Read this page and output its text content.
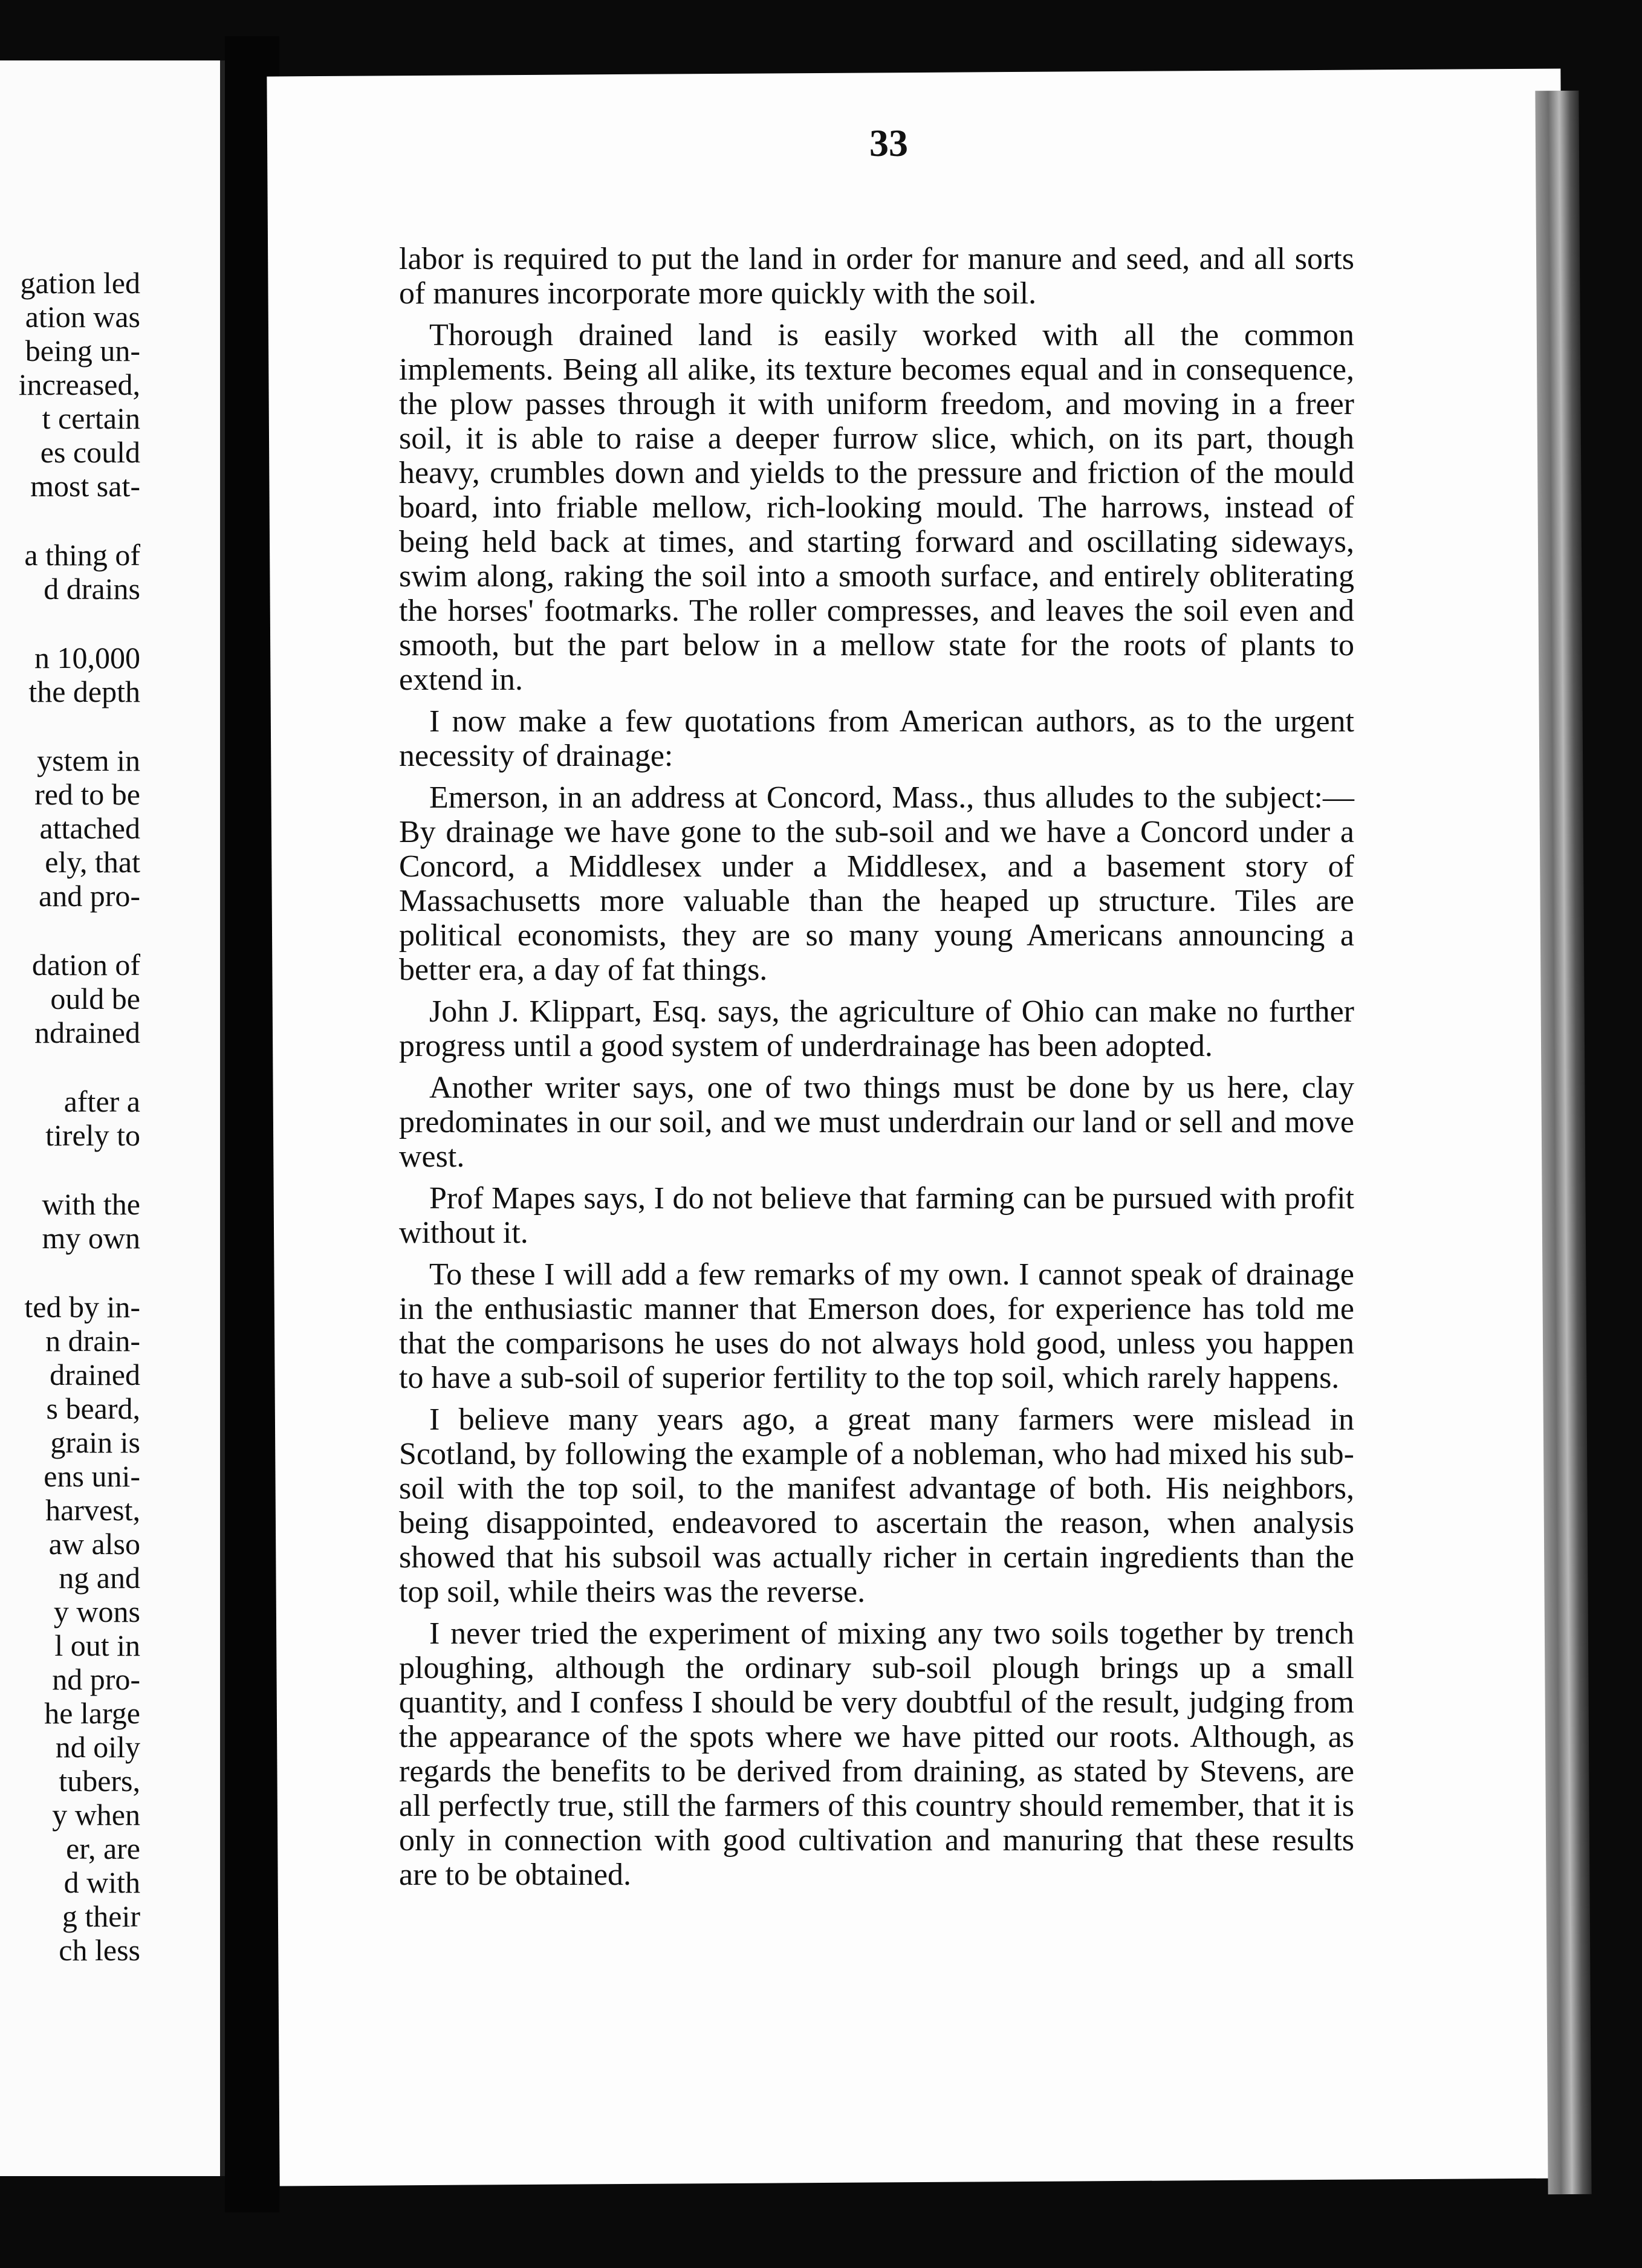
gation led
ation was
being un-
increased,
t certain
es could
most sat-
a thing of
d drains
n 10,000
the depth
ystem in
red to be
attached
ely, that
and pro-
dation of
ould be
ndrained
after a
tirely to
with the
my own
ted by in-
n drain-
drained
s beard,
grain is
ens uni-
harvest,
aw also
ng and
y wons
l out in
nd pro-
he large
nd oily
tubers,
y when
er, are
d with
g their
ch less
33

labor is required to put the land in order for manure and seed, and all sorts of manures incorporate more quickly with the soil.

Thorough drained land is easily worked with all the common implements. Being all alike, its texture becomes equal and in consequence, the plow passes through it with uniform freedom, and moving in a freer soil, it is able to raise a deeper furrow slice, which, on its part, though heavy, crumbles down and yields to the pressure and friction of the mould board, into friable mellow, rich-looking mould. The harrows, instead of being held back at times, and starting forward and oscillating sideways, swim along, raking the soil into a smooth surface, and entirely obliterating the horses' footmarks. The roller compresses, and leaves the soil even and smooth, but the part below in a mellow state for the roots of plants to extend in.

I now make a few quotations from American authors, as to the urgent necessity of drainage:

Emerson, in an address at Concord, Mass., thus alludes to the subject:—By drainage we have gone to the sub-soil and we have a Concord under a Concord, a Middlesex under a Middlesex, and a basement story of Massachusetts more valuable than the heaped up structure. Tiles are political economists, they are so many young Americans announcing a better era, a day of fat things.

John J. Klippart, Esq. says, the agriculture of Ohio can make no further progress until a good system of underdrainage has been adopted.

Another writer says, one of two things must be done by us here, clay predominates in our soil, and we must underdrain our land or sell and move west.

Prof Mapes says, I do not believe that farming can be pursued with profit without it.

To these I will add a few remarks of my own. I cannot speak of drainage in the enthusiastic manner that Emerson does, for experience has told me that the comparisons he uses do not always hold good, unless you happen to have a sub-soil of superior fertility to the top soil, which rarely happens.

I believe many years ago, a great many farmers were mislead in Scotland, by following the example of a nobleman, who had mixed his sub-soil with the top soil, to the manifest advantage of both. His neighbors, being disappointed, endeavored to ascertain the reason, when analysis showed that his subsoil was actually richer in certain ingredients than the top soil, while theirs was the reverse.

I never tried the experiment of mixing any two soils together by trench ploughing, although the ordinary sub-soil plough brings up a small quantity, and I confess I should be very doubtful of the result, judging from the appearance of the spots where we have pitted our roots. Although, as regards the benefits to be derived from draining, as stated by Stevens, are all perfectly true, still the farmers of this country should remember, that it is only in connection with good cultivation and manuring that these results are to be obtained.
